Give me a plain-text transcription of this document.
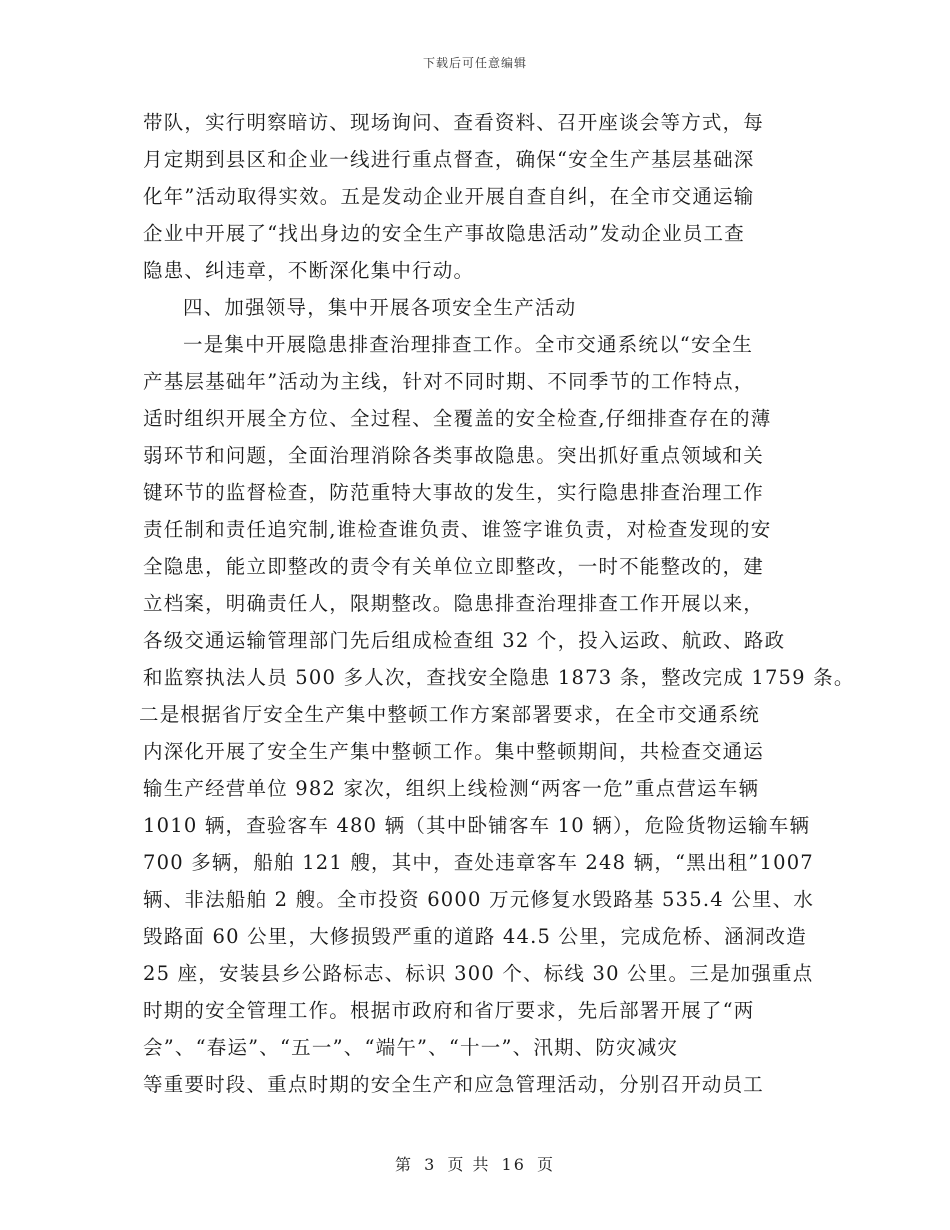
下载后可任意编辑
带队，实行明察暗访、现场询问、查看资料、召开座谈会等方式，每
月定期到县区和企业一线进行重点督查，确保“安全生产基层基础深
化年”活动取得实效。五是发动企业开展自查自纠，在全市交通运输
企业中开展了“找出身边的安全生产事故隐患活动”发动企业员工查
隐患、纠违章，不断深化集中行动。
四、加强领导，集中开展各项安全生产活动
一是集中开展隐患排查治理排查工作。全市交通系统以“安全生
产基层基础年”活动为主线，针对不同时期、不同季节的工作特点，
适时组织开展全方位、全过程、全覆盖的安全检查,仔细排查存在的薄
弱环节和问题，全面治理消除各类事故隐患。突出抓好重点领域和关
键环节的监督检查，防范重特大事故的发生，实行隐患排查治理工作
责任制和责任追究制,谁检查谁负责、谁签字谁负责，对检查发现的安
全隐患，能立即整改的责令有关单位立即整改，一时不能整改的，建
立档案，明确责任人，限期整改。隐患排查治理排查工作开展以来，
各级交通运输管理部门先后组成检查组 32 个，投入运政、航政、路政
和监察执法人员 500 多人次，查找安全隐患 1873 条，整改完成 1759 条。
二是根据省厅安全生产集中整顿工作方案部署要求，在全市交通系统
内深化开展了安全生产集中整顿工作。集中整顿期间，共检查交通运
输生产经营单位 982 家次，组织上线检测“两客一危”重点营运车辆
1010 辆，查验客车 480 辆（其中卧铺客车 10 辆），危险货物运输车辆
700 多辆，船舶 121 艘，其中，查处违章客车 248 辆，“黑出租”1007
辆、非法船舶 2 艘。全市投资 6000 万元修复水毁路基 535.4 公里、水
毁路面 60 公里，大修损毁严重的道路 44.5 公里，完成危桥、涵洞改造
25 座，安装县乡公路标志、标识 300 个、标线 30 公里。三是加强重点
时期的安全管理工作。根据市政府和省厅要求，先后部署开展了“两
会”、“春运”、“五一”、“端午”、“十一”、汛期、防灾减灾
等重要时段、重点时期的安全生产和应急管理活动，分别召开动员工
第 3 页 共 16 页
